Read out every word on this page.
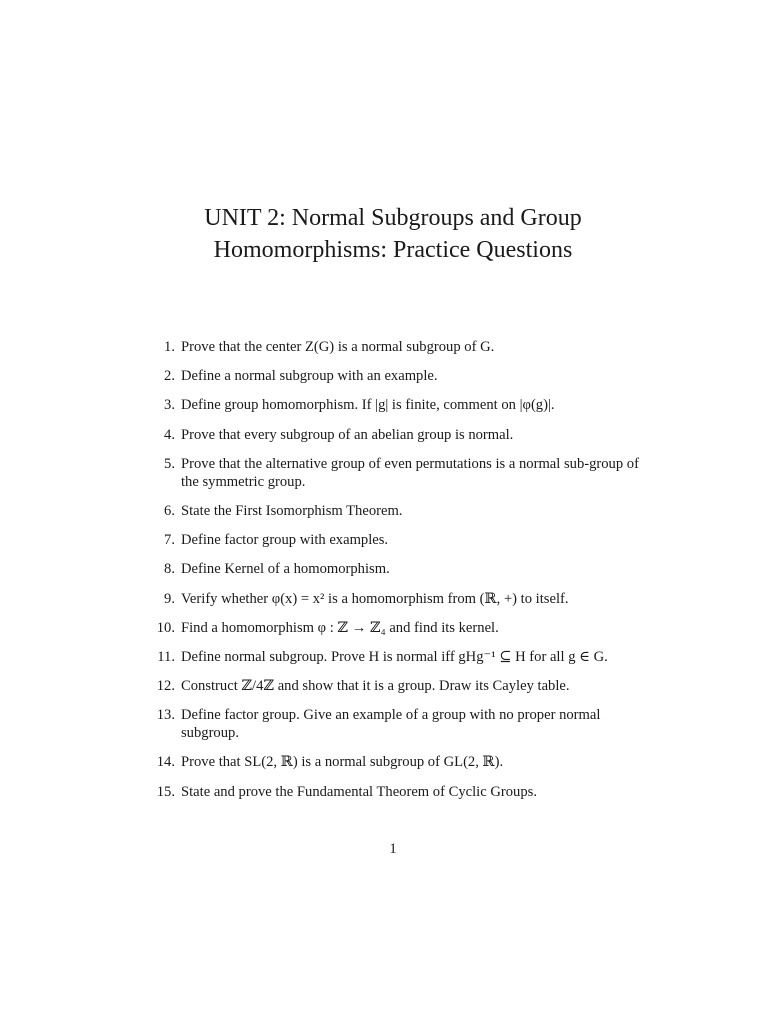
UNIT 2: Normal Subgroups and Group
Homomorphisms: Practice Questions
1. Prove that the center Z(G) is a normal subgroup of G.
2. Define a normal subgroup with an example.
3. Define group homomorphism. If |g| is finite, comment on |φ(g)|.
4. Prove that every subgroup of an abelian group is normal.
5. Prove that the alternative group of even permutations is a normal sub-group of the symmetric group.
6. State the First Isomorphism Theorem.
7. Define factor group with examples.
8. Define Kernel of a homomorphism.
9. Verify whether φ(x) = x² is a homomorphism from (ℝ, +) to itself.
10. Find a homomorphism φ : ℤ → ℤ₄ and find its kernel.
11. Define normal subgroup. Prove H is normal iff gHg⁻¹ ⊆ H for all g ∈ G.
12. Construct ℤ/4ℤ and show that it is a group. Draw its Cayley table.
13. Define factor group. Give an example of a group with no proper normal subgroup.
14. Prove that SL(2, ℝ) is a normal subgroup of GL(2, ℝ).
15. State and prove the Fundamental Theorem of Cyclic Groups.
1
